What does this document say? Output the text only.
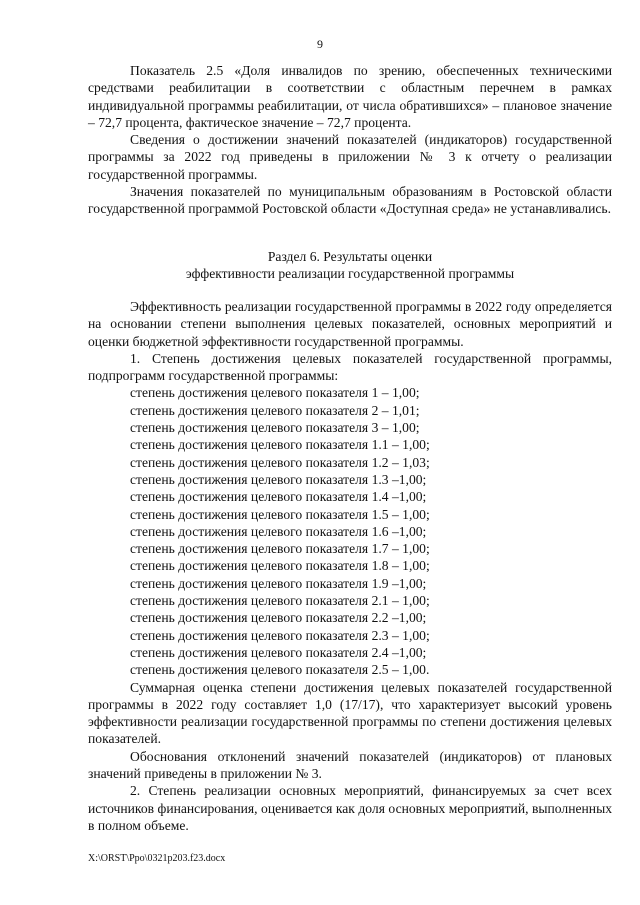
9

Показатель 2.5 «Доля инвалидов по зрению, обеспеченных техническими средствами реабилитации в соответствии с областным перечнем в рамках индивидуальной программы реабилитации, от числа обратившихся» – плановое значение – 72,7 процента, фактическое значение – 72,7 процента.

Сведения о достижении значений показателей (индикаторов) государственной программы за 2022 год приведены в приложении № 3 к отчету о реализации государственной программы.

Значения показателей по муниципальным образованиям в Ростовской области государственной программой Ростовской области «Доступная среда» не устанавливались.

Раздел 6. Результаты оценки

эффективности реализации государственной программы

Эффективность реализации государственной программы в 2022 году определяется на основании степени выполнения целевых показателей, основных мероприятий и оценки бюджетной эффективности государственной программы.

1. Степень достижения целевых показателей государственной программы, подпрограмм государственной программы:

степень достижения целевого показателя 1 – 1,00;

степень достижения целевого показателя 2 – 1,01;

степень достижения целевого показателя 3 – 1,00;

степень достижения целевого показателя 1.1 – 1,00;

степень достижения целевого показателя 1.2 – 1,03;

степень достижения целевого показателя 1.3 –1,00;

степень достижения целевого показателя 1.4 –1,00;

степень достижения целевого показателя 1.5 – 1,00;

степень достижения целевого показателя 1.6 –1,00;

степень достижения целевого показателя 1.7 – 1,00;

степень достижения целевого показателя 1.8 – 1,00;

степень достижения целевого показателя 1.9 –1,00;

степень достижения целевого показателя 2.1 – 1,00;

степень достижения целевого показателя 2.2 –1,00;

степень достижения целевого показателя 2.3 – 1,00;

степень достижения целевого показателя 2.4 –1,00;

степень достижения целевого показателя 2.5 – 1,00.

Суммарная оценка степени достижения целевых показателей государственной программы в 2022 году составляет 1,0 (17/17), что характеризует высокий уровень эффективности реализации государственной программы по степени достижения целевых показателей.

Обоснования отклонений значений показателей (индикаторов) от плановых значений приведены в приложении № 3.

2. Степень реализации основных мероприятий, финансируемых за счет всех источников финансирования, оценивается как доля основных мероприятий, выполненных в полном объеме.

X:\ORST\Ppo\0321p203.f23.docx
